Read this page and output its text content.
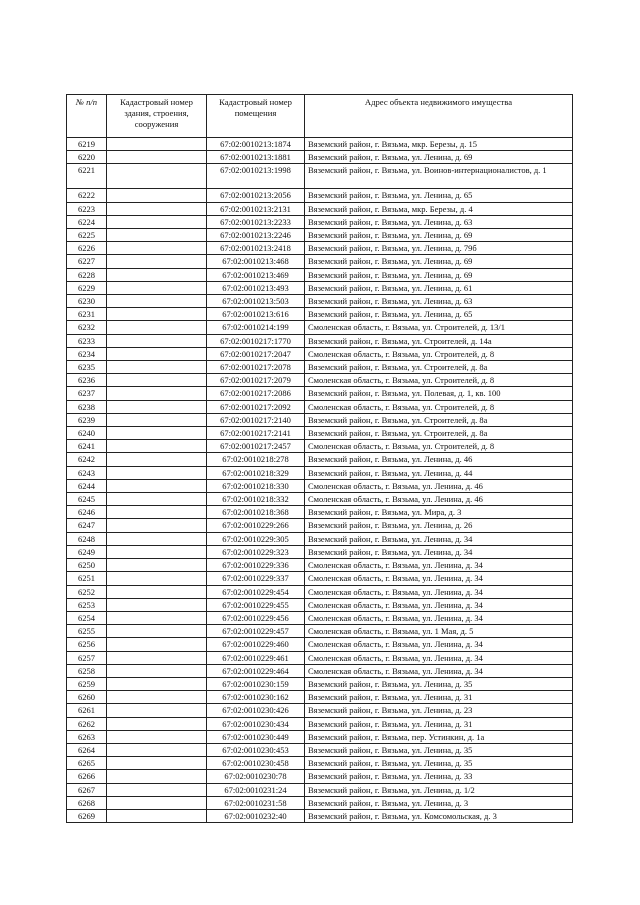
№ п/п	Кадастровый номер здания, строения, сооружения	Кадастровый номер помещения	Адрес объекта недвижимого имущества
6219		67:02:0010213:1874	Вяземский район, г. Вязьма, мкр. Березы, д. 15
6220		67:02:0010213:1881	Вяземский район, г. Вязьма, ул. Ленина, д. 69
6221		67:02:0010213:1998	Вяземский район, г. Вязьма, ул. Воинов-интернационалистов, д. 1
6222		67:02:0010213:2056	Вяземский район, г. Вязьма, ул. Ленина, д. 65
6223		67:02:0010213:2131	Вяземский район, г. Вязьма, мкр. Березы, д. 4
6224		67:02:0010213:2233	Вяземский район, г. Вязьма, ул. Ленина, д. 63
6225		67:02:0010213:2246	Вяземский район, г. Вязьма, ул. Ленина, д. 69
6226		67:02:0010213:2418	Вяземский район, г. Вязьма, ул. Ленина, д. 79б
6227		67:02:0010213:468	Вяземский район, г. Вязьма, ул. Ленина, д. 69
6228		67:02:0010213:469	Вяземский район, г. Вязьма, ул. Ленина, д. 69
6229		67:02:0010213:493	Вяземский район, г. Вязьма, ул. Ленина, д. 61
6230		67:02:0010213:503	Вяземский район, г. Вязьма, ул. Ленина, д. 63
6231		67:02:0010213:616	Вяземский район, г. Вязьма, ул. Ленина, д. 65
6232		67:02:0010214:199	Смоленская область, г. Вязьма, ул. Строителей, д. 13/1
6233		67:02:0010217:1770	Вяземский район, г. Вязьма, ул. Строителей, д. 14а
6234		67:02:0010217:2047	Смоленская область, г. Вязьма, ул. Строителей, д. 8
6235		67:02:0010217:2078	Вяземский район, г. Вязьма, ул. Строителей, д. 8а
6236		67:02:0010217:2079	Смоленская область, г. Вязьма, ул. Строителей, д. 8
6237		67:02:0010217:2086	Вяземский район, г. Вязьма, ул. Полевая, д. 1, кв. 100
6238		67:02:0010217:2092	Смоленская область, г. Вязьма, ул. Строителей, д. 8
6239		67:02:0010217:2140	Вяземский район, г. Вязьма, ул. Строителей, д. 8а
6240		67:02:0010217:2141	Вяземский район, г. Вязьма, ул. Строителей, д. 8а
6241		67:02:0010217:2457	Смоленская область, г. Вязьма, ул. Строителей, д. 8
6242		67:02:0010218:278	Вяземский район, г. Вязьма, ул. Ленина, д. 46
6243		67:02:0010218:329	Вяземский район, г. Вязьма, ул. Ленина, д. 44
6244		67:02:0010218:330	Смоленская область, г. Вязьма, ул. Ленина, д. 46
6245		67:02:0010218:332	Смоленская область, г. Вязьма, ул. Ленина, д. 46
6246		67:02:0010218:368	Вяземский район, г. Вязьма, ул. Мира, д. 3
6247		67:02:0010229:266	Вяземский район, г. Вязьма, ул. Ленина, д. 26
6248		67:02:0010229:305	Вяземский район, г. Вязьма, ул. Ленина, д. 34
6249		67:02:0010229:323	Вяземский район, г. Вязьма, ул. Ленина, д. 34
6250		67:02:0010229:336	Смоленская область, г. Вязьма, ул. Ленина, д. 34
6251		67:02:0010229:337	Смоленская область, г. Вязьма, ул. Ленина, д. 34
6252		67:02:0010229:454	Смоленская область, г. Вязьма, ул. Ленина, д. 34
6253		67:02:0010229:455	Смоленская область, г. Вязьма, ул. Ленина, д. 34
6254		67:02:0010229:456	Смоленская область, г. Вязьма, ул. Ленина, д. 34
6255		67:02:0010229:457	Смоленская область, г. Вязьма, ул. 1 Мая, д. 5
6256		67:02:0010229:460	Смоленская область, г. Вязьма, ул. Ленина, д. 34
6257		67:02:0010229:461	Смоленская область, г. Вязьма, ул. Ленина, д. 34
6258		67:02:0010229:464	Смоленская область, г. Вязьма, ул. Ленина, д. 34
6259		67:02:0010230:159	Вяземский район, г. Вязьма, ул. Ленина, д. 35
6260		67:02:0010230:162	Вяземский район, г. Вязьма, ул. Ленина, д. 31
6261		67:02:0010230:426	Вяземский район, г. Вязьма, ул. Ленина, д. 23
6262		67:02:0010230:434	Вяземский район, г. Вязьма, ул. Ленина, д. 31
6263		67:02:0010230:449	Вяземский район, г. Вязьма, пер. Устинкин, д. 1а
6264		67:02:0010230:453	Вяземский район, г. Вязьма, ул. Ленина, д. 35
6265		67:02:0010230:458	Вяземский район, г. Вязьма, ул. Ленина, д. 35
6266		67:02:0010230:78	Вяземский район, г. Вязьма, ул. Ленина, д. 33
6267		67:02:0010231:24	Вяземский район, г. Вязьма, ул. Ленина, д. 1/2
6268		67:02:0010231:58	Вяземский район, г. Вязьма, ул. Ленина, д. 3
6269		67:02:0010232:40	Вяземский район, г. Вязьма, ул. Комсомольская, д. 3
